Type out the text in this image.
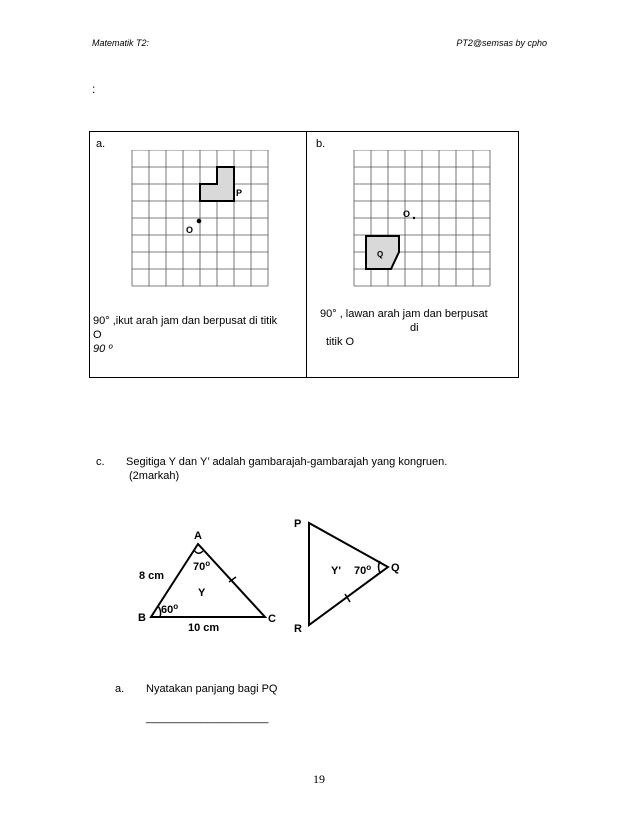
Matematik T2:	PT2@semsas by cpho
:
a.	b.
P
O
Q
O
90° ,ikut arah jam dan berpusat di titik
O
90 º
90° , lawan arah jam dan berpusat
di
titik O
c. Segitiga Y dan Y’ adalah gambarajah-gambarajah yang kongruen.
(2markah)
A
B	C
70$^o$
60$^o$
Y
8 cm
10 cm
P
Q
R
Y' 70$^o$
a. Nyatakan panjang bagi PQ
____________________
19
